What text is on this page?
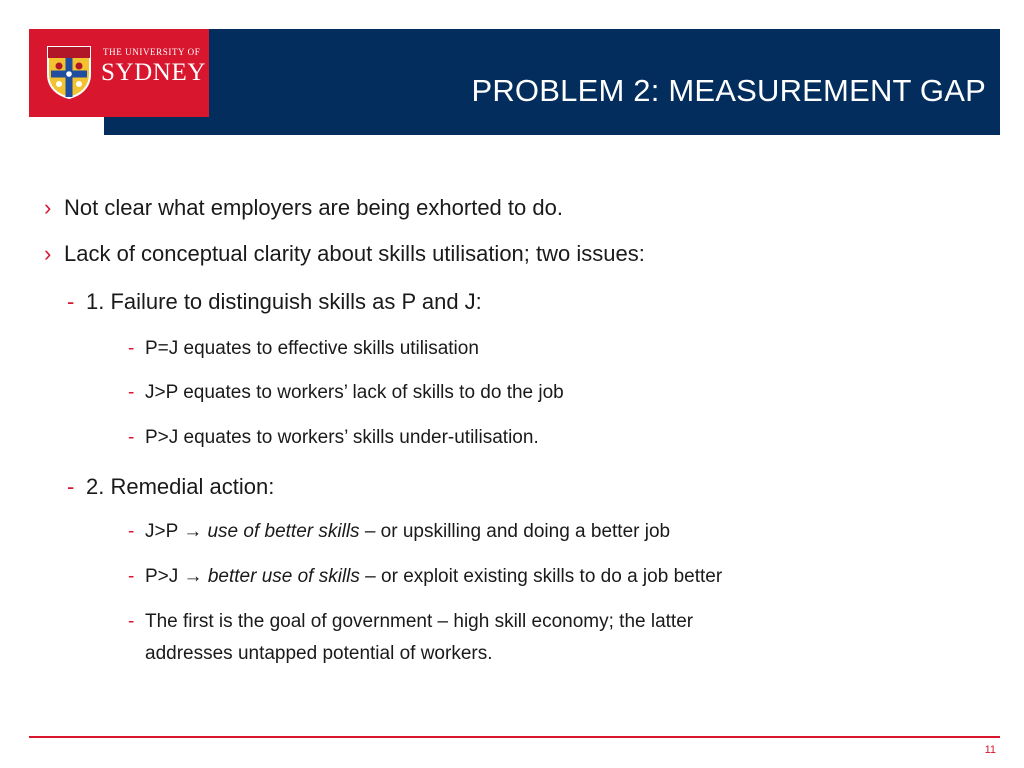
PROBLEM 2: MEASUREMENT GAP
THE UNIVERSITY OF
SYDNEY
› Not clear what employers are being exhorted to do.
› Lack of conceptual clarity about skills utilisation; two issues:
- 1. Failure to distinguish skills as P and J:
- P=J equates to effective skills utilisation
- J>P equates to workers’ lack of skills to do the job
- P>J equates to workers’ skills under-utilisation.
- 2. Remedial action:
- J>P → use of better skills – or upskilling and doing a better job
- P>J → better use of skills – or exploit existing skills to do a job better
- The first is the goal of government – high skill economy; the latter
addresses untapped potential of workers.
11
